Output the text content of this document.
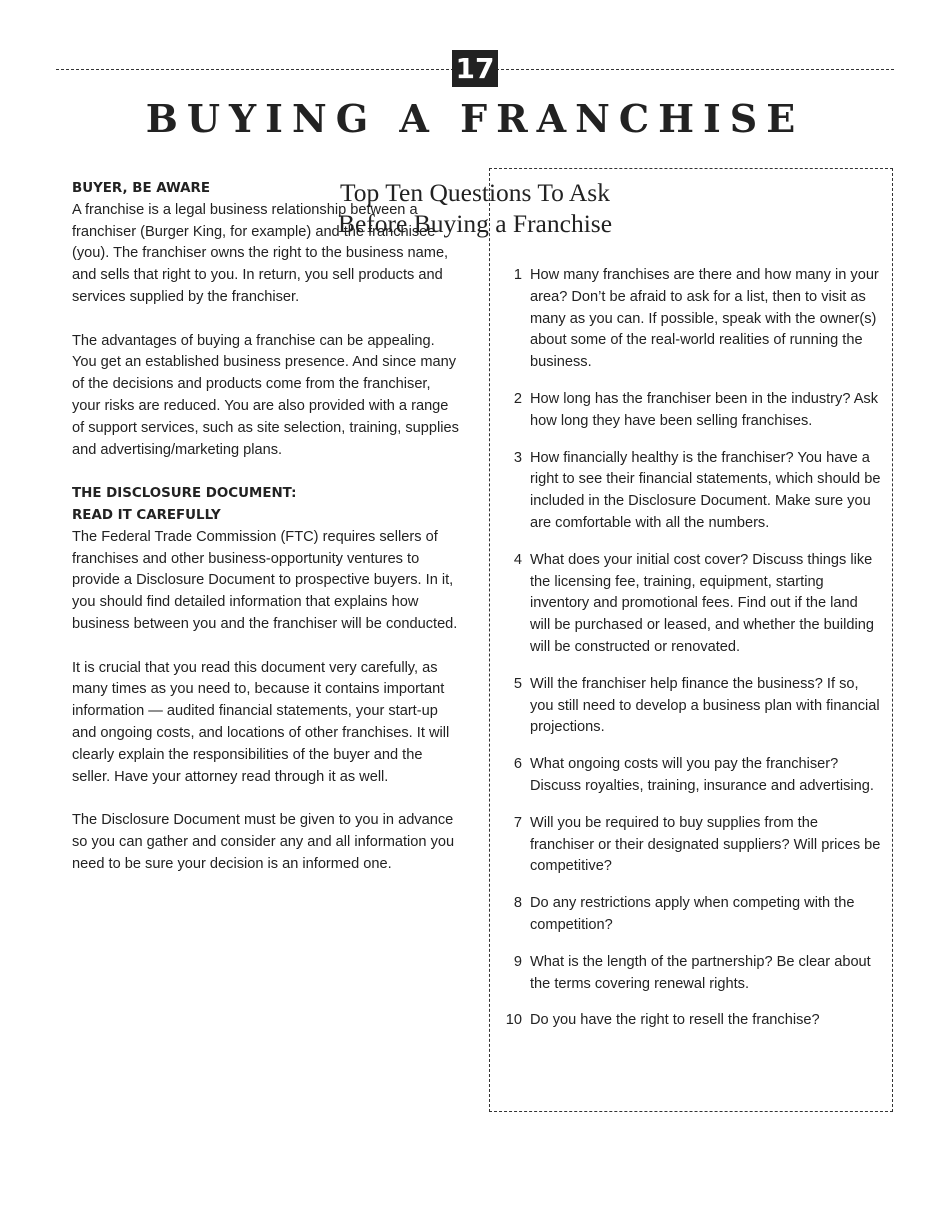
17
BUYING A FRANCHISE
BUYER, BE AWARE

A franchise is a legal business relationship between a franchiser (Burger King, for example) and the franchisee (you). The franchiser owns the right to the business name, and sells that right to you. In return, you sell products and services supplied by the franchiser.

The advantages of buying a franchise can be appealing. You get an established business presence. And since many of the decisions and products come from the franchiser, your risks are reduced. You are also provided with a range of support services, such as site selection, training, supplies and advertising/marketing plans.

THE DISCLOSURE DOCUMENT:
READ IT CAREFULLY

The Federal Trade Commission (FTC) requires sellers of franchises and other business-opportunity ventures to provide a Disclosure Document to prospective buyers. In it, you should find detailed information that explains how business between you and the franchiser will be conducted.

It is crucial that you read this document very carefully, as many times as you need to, because it contains important information — audited financial statements, your start-up and ongoing costs, and locations of other franchises. It will clearly explain the responsibilities of the buyer and the seller. Have your attorney read through it as well.

The Disclosure Document must be given to you in advance so you can gather and consider any and all information you need to be sure your decision is an informed one.

Top Ten Questions To Ask
Before Buying a Franchise
1 How many franchises are there and how many in your area? Don’t be afraid to ask for a list, then to visit as many as you can. If possible, speak with the owner(s) about some of the real-world realities of running the business.
2 How long has the franchiser been in the industry? Ask how long they have been selling franchises.
3 How financially healthy is the franchiser? You have a right to see their financial statements, which should be included in the Disclosure Document. Make sure you are comfortable with all the numbers.
4 What does your initial cost cover? Discuss things like the licensing fee, training, equipment, starting inventory and promotional fees. Find out if the land will be purchased or leased, and whether the building will be constructed or renovated.
5 Will the franchiser help finance the business? If so, you still need to develop a business plan with financial projections.
6 What ongoing costs will you pay the franchiser? Discuss royalties, training, insurance and advertising.
7 Will you be required to buy supplies from the franchiser or their designated suppliers? Will prices be competitive?
8 Do any restrictions apply when competing with the competition?
9 What is the length of the partnership? Be clear about the terms covering renewal rights.
10 Do you have the right to resell the franchise?
